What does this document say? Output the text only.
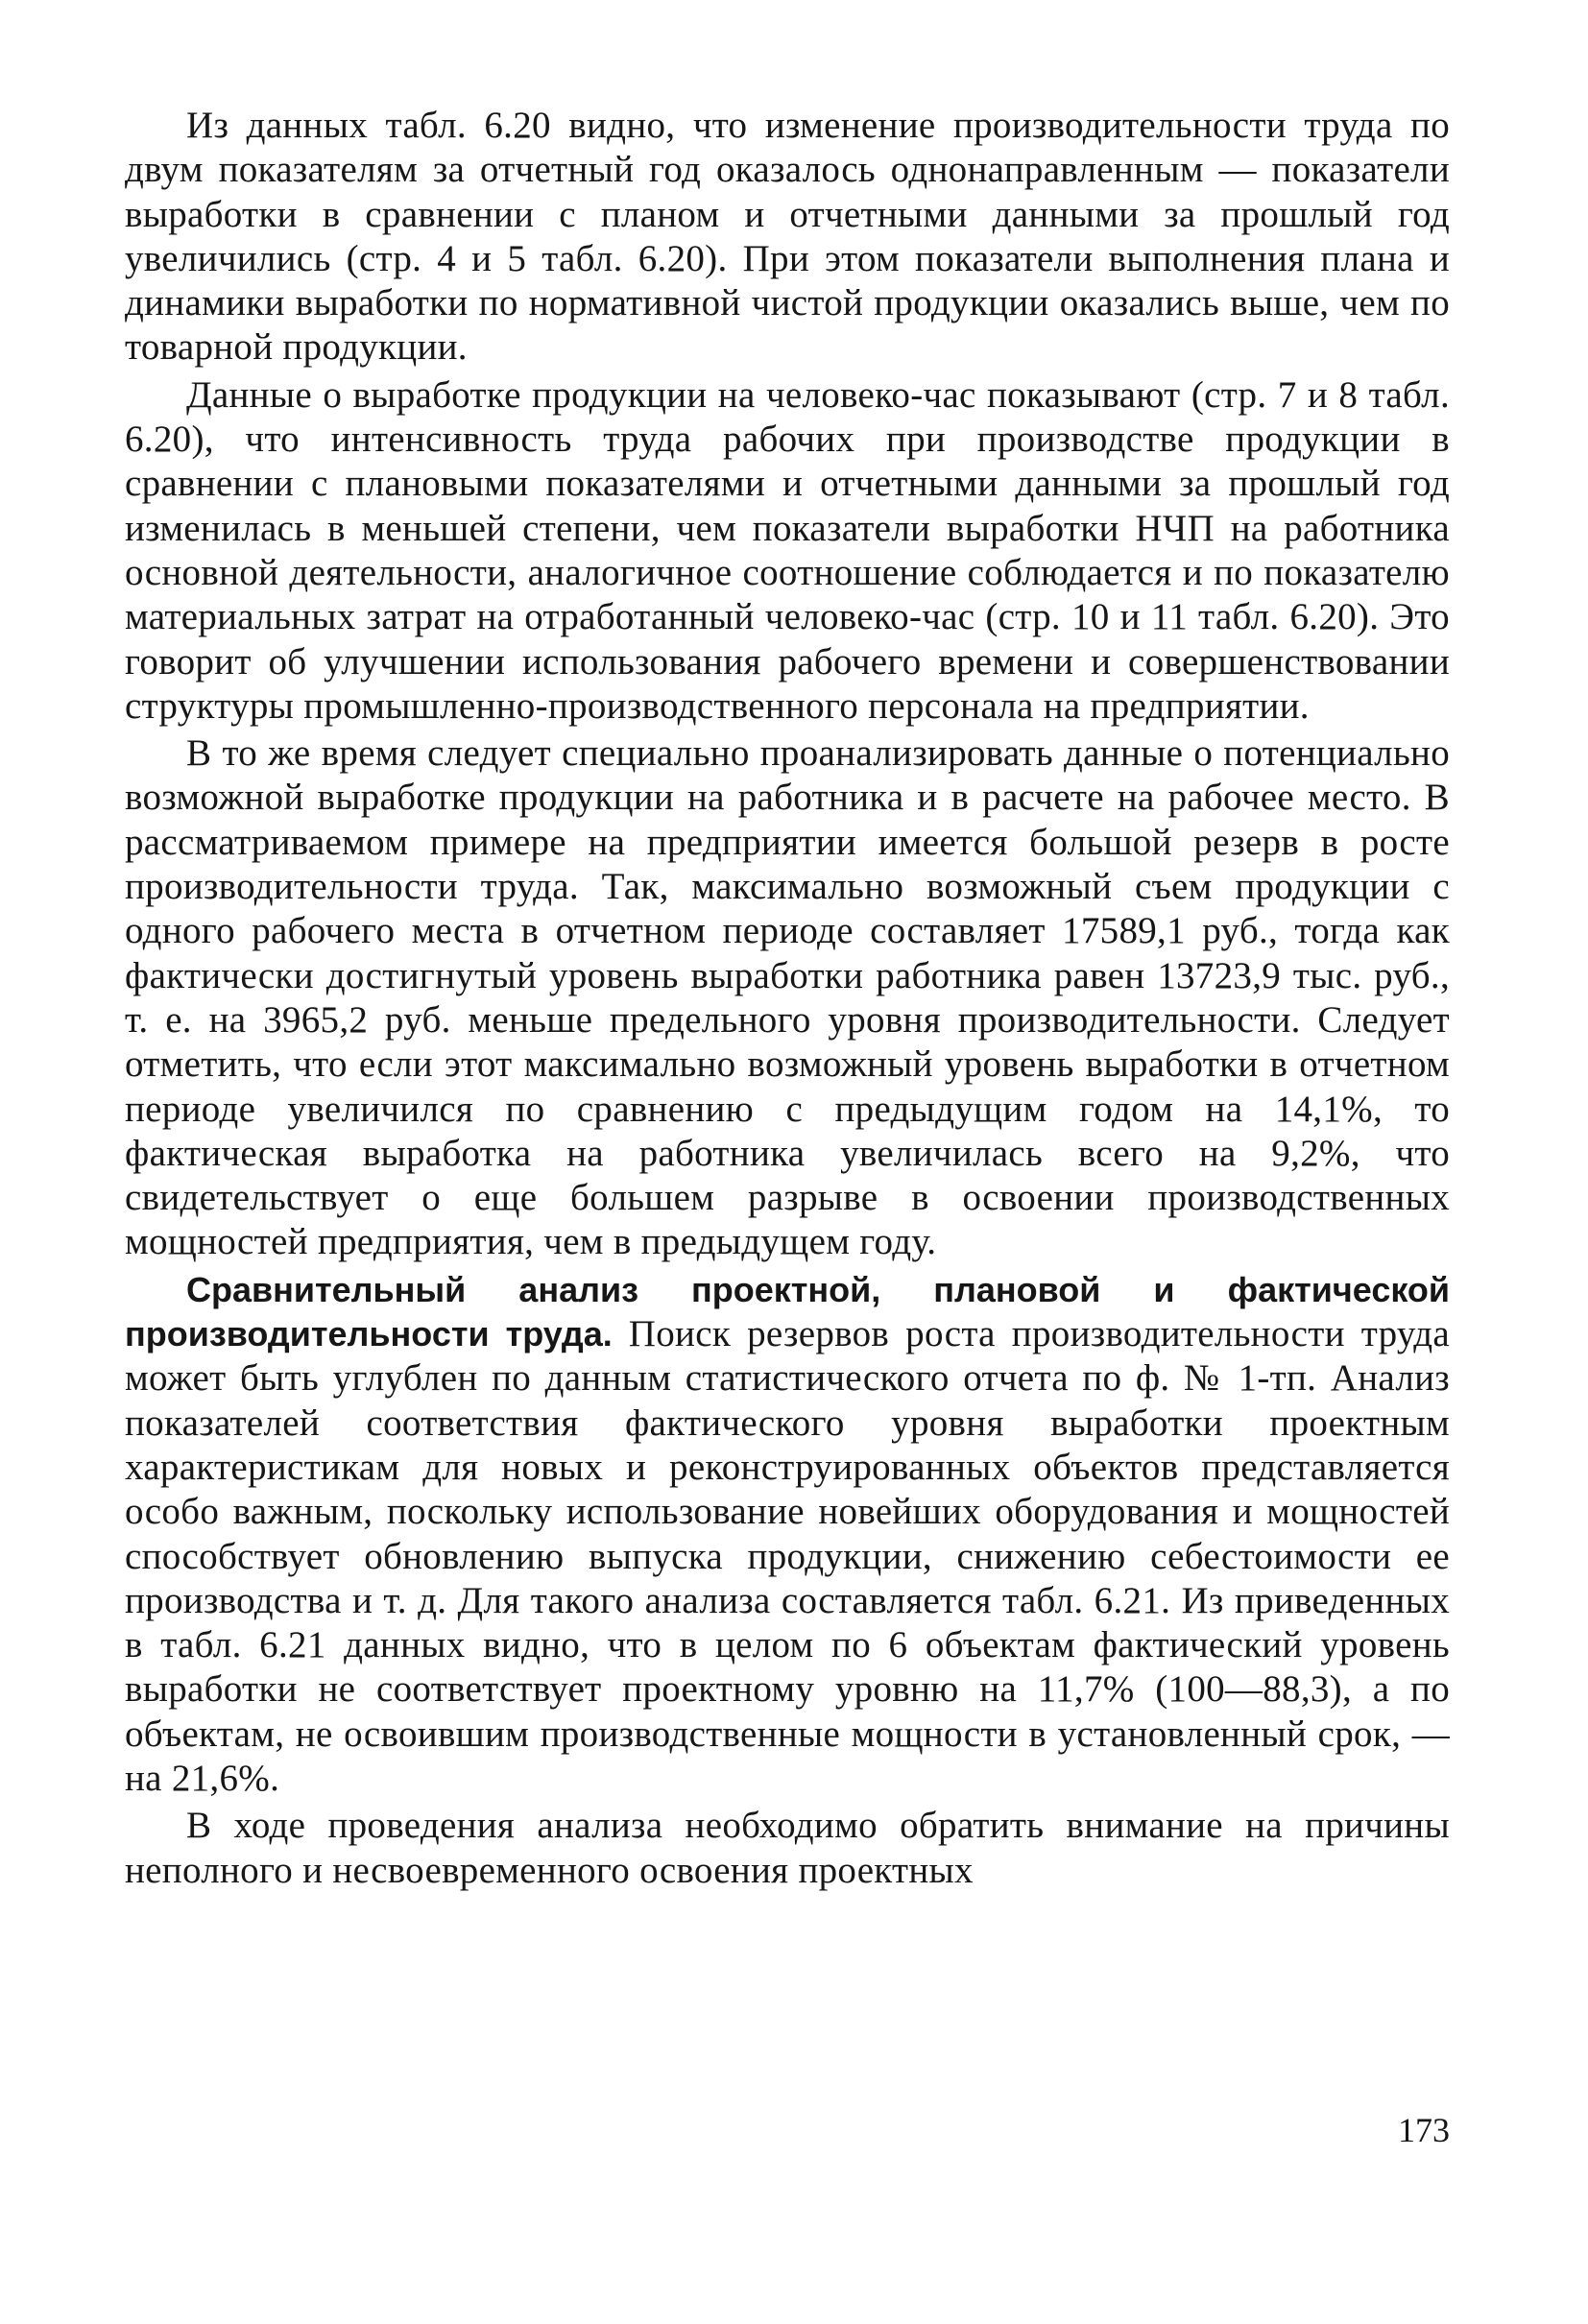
Из данных табл. 6.20 видно, что изменение производительности труда по двум показателям за отчетный год оказалось однонаправленным — показатели выработки в сравнении с планом и отчетными данными за прошлый год увеличились (стр. 4 и 5 табл. 6.20). При этом показатели выполнения плана и динамики выработки по нормативной чистой продукции оказались выше, чем по товарной продукции.

Данные о выработке продукции на человеко-час показывают (стр. 7 и 8 табл. 6.20), что интенсивность труда рабочих при производстве продукции в сравнении с плановыми показателями и отчетными данными за прошлый год изменилась в меньшей степени, чем показатели выработки НЧП на работника основной деятельности, аналогичное соотношение соблюдается и по показателю материальных затрат на отработанный человеко-час (стр. 10 и 11 табл. 6.20). Это говорит об улучшении использования рабочего времени и совершенствовании структуры промышленно-производственного персонала на предприятии.

В то же время следует специально проанализировать данные о потенциально возможной выработке продукции на работника и в расчете на рабочее место. В рассматриваемом примере на предприятии имеется большой резерв в росте производительности труда. Так, максимально возможный съем продукции с одного рабочего места в отчетном периоде составляет 17589,1 руб., тогда как фактически достигнутый уровень выработки работника равен 13723,9 тыс. руб., т. е. на 3965,2 руб. меньше предельного уровня производительности. Следует отметить, что если этот максимально возможный уровень выработки в отчетном периоде увеличился по сравнению с предыдущим годом на 14,1%, то фактическая выработка на работника увеличилась всего на 9,2%, что свидетельствует о еще большем разрыве в освоении производственных мощностей предприятия, чем в предыдущем году.

Сравнительный анализ проектной, плановой и фактической производительности труда. Поиск резервов роста производительности труда может быть углублен по данным статистического отчета по ф. № 1-тп. Анализ показателей соответствия фактического уровня выработки проектным характеристикам для новых и реконструированных объектов представляется особо важным, поскольку использование новейших оборудования и мощностей способствует обновлению выпуска продукции, снижению себестоимости ее производства и т. д. Для такого анализа составляется табл. 6.21. Из приведенных в табл. 6.21 данных видно, что в целом по 6 объектам фактический уровень выработки не соответствует проектному уровню на 11,7% (100—88,3), а по объектам, не освоившим производственные мощности в установленный срок, — на 21,6%.

В ходе проведения анализа необходимо обратить внимание на причины неполного и несвоевременного освоения проектных

173
